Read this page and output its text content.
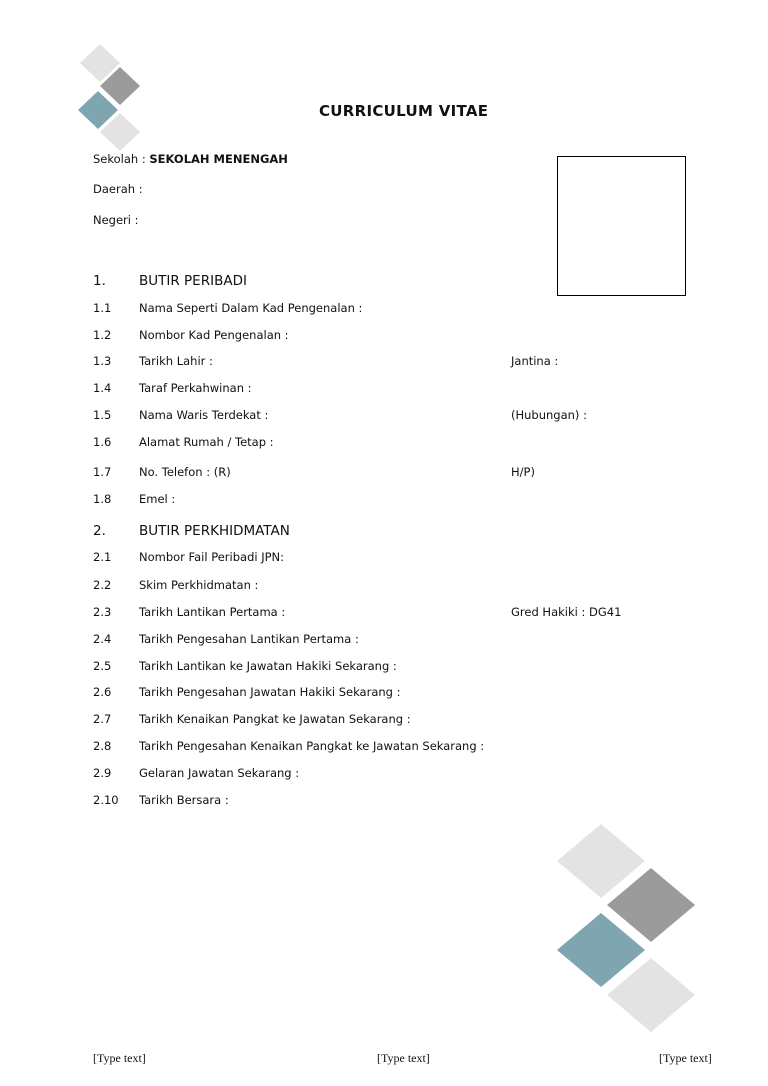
CURRICULUM VITAE
Sekolah : SEKOLAH MENENGAH
Daerah :
Negeri :
1. BUTIR PERIBADI
1.1 Nama Seperti Dalam Kad Pengenalan :
1.2 Nombor Kad Pengenalan :
1.3 Tarikh Lahir :	Jantina :
1.4 Taraf Perkahwinan :
1.5 Nama Waris Terdekat :	(Hubungan) :
1.6 Alamat Rumah / Tetap :
1.7 No. Telefon : (R)	H/P)
1.8 Emel :
2. BUTIR PERKHIDMATAN
2.1 Nombor Fail Peribadi JPN:
2.2 Skim Perkhidmatan :
2.3 Tarikh Lantikan Pertama :	Gred Hakiki : DG41
2.4 Tarikh Pengesahan Lantikan Pertama :
2.5 Tarikh Lantikan ke Jawatan Hakiki Sekarang :
2.6 Tarikh Pengesahan Jawatan Hakiki Sekarang :
2.7 Tarikh Kenaikan Pangkat ke Jawatan Sekarang :
2.8 Tarikh Pengesahan Kenaikan Pangkat ke Jawatan Sekarang :
2.9 Gelaran Jawatan Sekarang :
2.10 Tarikh Bersara :
[Type text]	[Type text]	[Type text]
